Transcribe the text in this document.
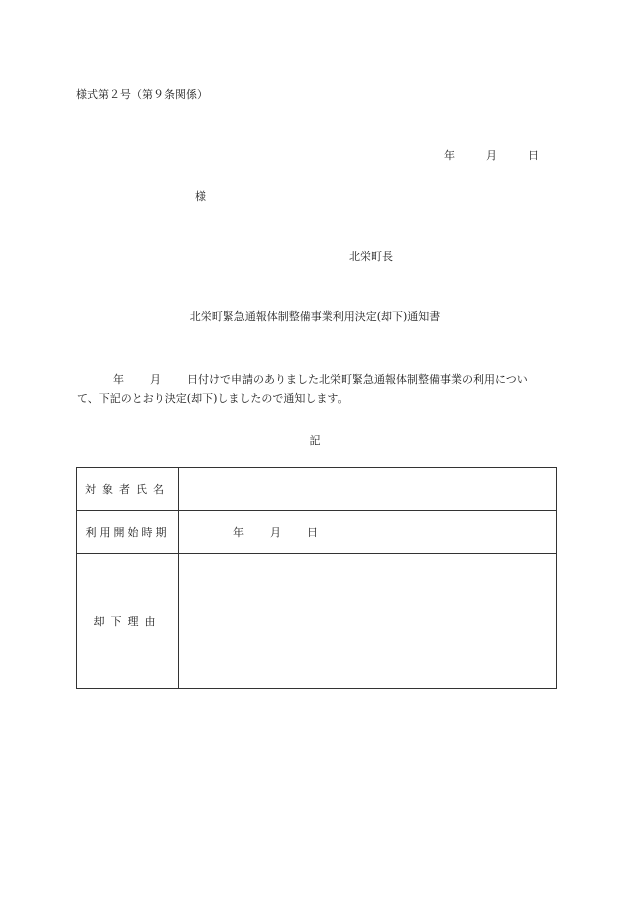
様式第２号（第９条関係）
年	月	日
様
北栄町長
北栄町緊急通報体制整備事業利用決定(却下)通知書
年 月 日付けで申請のありました北栄町緊急通報体制整備事業の利用につい
て、下記のとおり決定(却下)しましたので通知します。
記
対象者氏名	
利用開始時期	年 月 日
却下理由	
